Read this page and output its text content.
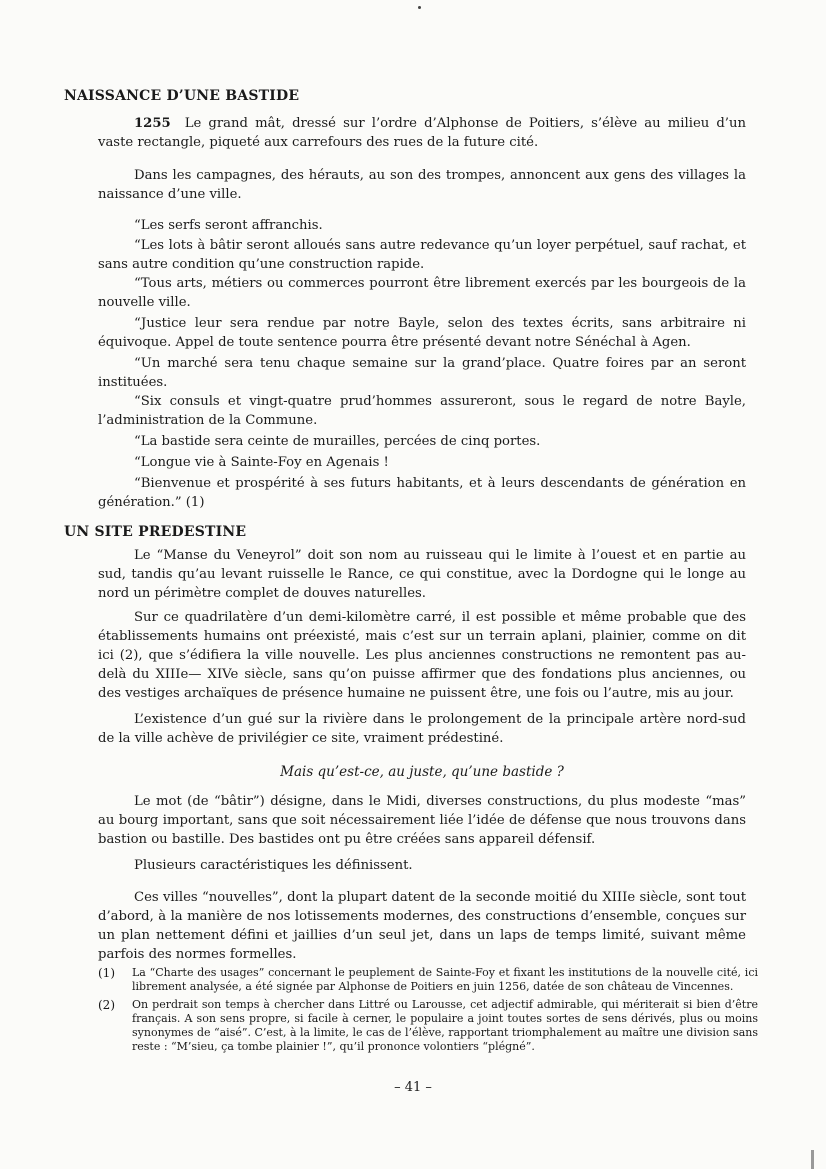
NAISSANCE D’UNE BASTIDE
1255 Le grand mât, dressé sur l’ordre d’Alphonse de Poitiers, s’élève au milieu d’un vaste rectangle, piqueté aux carrefours des rues de la future cité.
Dans les campagnes, des hérauts, au son des trompes, annoncent aux gens des villages la naissance d’une ville.
“Les serfs seront affranchis.
“Les lots à bâtir seront alloués sans autre redevance qu’un loyer perpétuel, sauf rachat, et sans autre condition qu’une construction rapide.
“Tous arts, métiers ou commerces pourront être librement exercés par les bourgeois de la nouvelle ville.
“Justice leur sera rendue par notre Bayle, selon des textes écrits, sans arbitraire ni équivoque. Appel de toute sentence pourra être présenté devant notre Sénéchal à Agen.
“Un marché sera tenu chaque semaine sur la grand’place. Quatre foires par an seront instituées.
“Six consuls et vingt-quatre prud’hommes assureront, sous le regard de notre Bayle, l’administration de la Commune.
“La bastide sera ceinte de murailles, percées de cinq portes.
“Longue vie à Sainte-Foy en Agenais !
“Bienvenue et prospérité à ses futurs habitants, et à leurs descendants de génération en génération.” (1)
UN SITE PREDESTINE
Le “Manse du Veneyrol” doit son nom au ruisseau qui le limite à l’ouest et en partie au sud, tandis qu’au levant ruisselle le Rance, ce qui constitue, avec la Dordogne qui le longe au nord un périmètre complet de douves naturelles.
Sur ce quadrilatère d’un demi-kilomètre carré, il est possible et même probable que des établissements humains ont préexisté, mais c’est sur un terrain aplani, plainier, comme on dit ici (2), que s’édifiera la ville nouvelle. Les plus anciennes constructions ne remontent pas au-delà du XIIIe— XIVe siècle, sans qu’on puisse affirmer que des fondations plus anciennes, ou des vestiges archaïques de présence humaine ne puissent être, une fois ou l’autre, mis au jour.
L’existence d’un gué sur la rivière dans le prolongement de la principale artère nord-sud de la ville achève de privilégier ce site, vraiment prédestiné.
Mais qu’est-ce, au juste, qu’une bastide ?
Le mot (de “bâtir”) désigne, dans le Midi, diverses constructions, du plus modeste “mas” au bourg important, sans que soit nécessairement liée l’idée de défense que nous trouvons dans bastion ou bastille. Des bastides ont pu être créées sans appareil défensif.
Plusieurs caractéristiques les définissent.
Ces villes “nouvelles”, dont la plupart datent de la seconde moitié du XIIIe siècle, sont tout d’abord, à la manière de nos lotissements modernes, des constructions d’ensemble, conçues sur un plan nettement défini et jaillies d’un seul jet, dans un laps de temps limité, suivant même parfois des normes formelles.
(1)	La “Charte des usages” concernant le peuplement de Sainte-Foy et fixant les institutions de la nouvelle cité, ici librement analysée, a été signée par Alphonse de Poitiers en juin 1256, datée de son château de Vincennes.
(2)	On perdrait son temps à chercher dans Littré ou Larousse, cet adjectif admirable, qui mériterait si bien d’être français. A son sens propre, si facile à cerner, le populaire a joint toutes sortes de sens dérivés, plus ou moins synonymes de “aisé”. C’est, à la limite, le cas de l’élève, rapportant triomphalement au maître une division sans reste : “M’sieu, ça tombe plainier !”, qu’il prononce volontiers “plégné”.
– 41 –
